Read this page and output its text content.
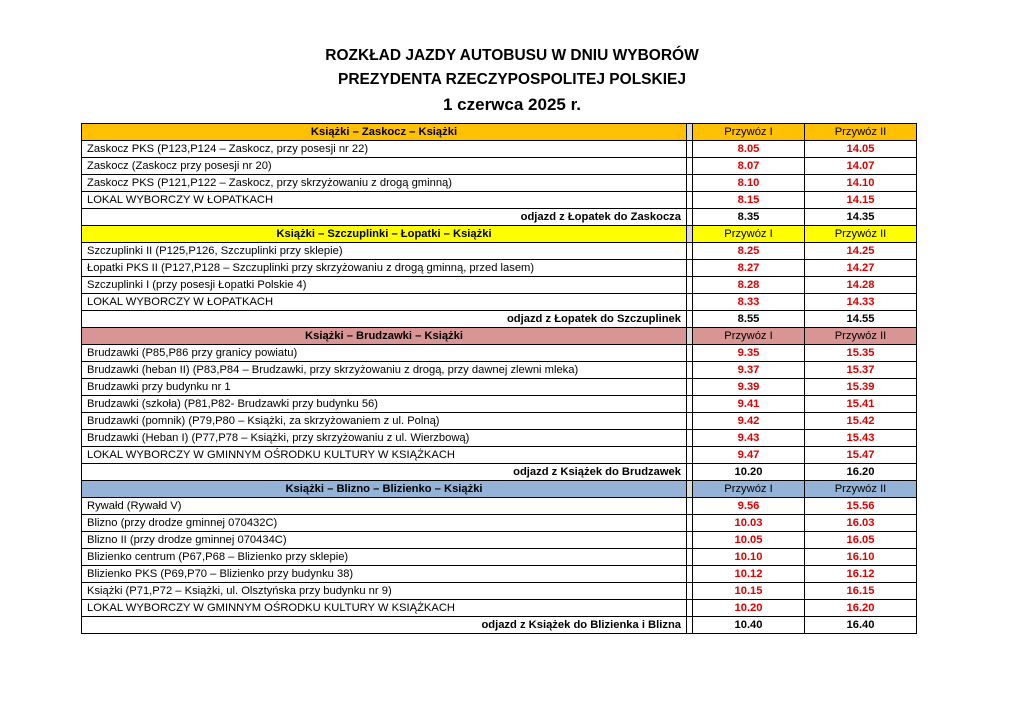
ROZKŁAD JAZDY AUTOBUSU W DNIU WYBORÓW
PREZYDENTA RZECZYPOSPOLITEJ POLSKIEJ
1 czerwca 2025 r.
Książki – Zaskocz – Książki		Przywóz I	Przywóz II
Zaskocz PKS (P123,P124 – Zaskocz, przy posesji nr 22)		8.05	14.05
Zaskocz (Zaskocz przy posesji nr 20)		8.07	14.07
Zaskocz PKS (P121,P122 – Zaskocz, przy skrzyżowaniu z drogą gminną)		8.10	14.10
LOKAL WYBORCZY W ŁOPATKACH		8.15	14.15
odjazd z Łopatek do Zaskocza		8.35	14.35
Książki – Szczuplinki – Łopatki – Książki		Przywóz I	Przywóz II
Szczuplinki II (P125,P126, Szczuplinki przy sklepie)		8.25	14.25
Łopatki PKS II (P127,P128 – Szczuplinki przy skrzyżowaniu z drogą gminną, przed lasem)		8.27	14.27
Szczuplinki I (przy posesji Łopatki Polskie 4)		8.28	14.28
LOKAL WYBORCZY W ŁOPATKACH		8.33	14.33
odjazd z Łopatek do Szczuplinek		8.55	14.55
Książki – Brudzawki – Książki		Przywóz I	Przywóz II
Brudzawki (P85,P86 przy granicy powiatu)		9.35	15.35
Brudzawki (heban II) (P83,P84 – Brudzawki, przy skrzyżowaniu z drogą, przy dawnej zlewni mleka)		9.37	15.37
Brudzawki przy budynku nr 1		9.39	15.39
Brudzawki (szkoła) (P81,P82- Brudzawki przy budynku 56)		9.41	15.41
Brudzawki (pomnik) (P79,P80 – Książki, za skrzyżowaniem z ul. Polną)		9.42	15.42
Brudzawki (Heban I) (P77,P78 – Książki, przy skrzyżowaniu z ul. Wierzbową)		9.43	15.43
LOKAL WYBORCZY W GMINNYM OŚRODKU KULTURY W KSIĄŻKACH		9.47	15.47
odjazd z Książek do Brudzawek		10.20	16.20
Książki – Blizno – Blizienko – Książki		Przywóz I	Przywóz II
Rywałd (Rywałd V)		9.56	15.56
Blizno (przy drodze gminnej 070432C)		10.03	16.03
Blizno II (przy drodze gminnej 070434C)		10.05	16.05
Blizienko centrum (P67,P68 – Blizienko przy sklepie)		10.10	16.10
Blizienko PKS (P69,P70 – Blizienko przy budynku 38)		10.12	16.12
Książki (P71,P72 – Książki, ul. Olsztyńska przy budynku nr 9)		10.15	16.15
LOKAL WYBORCZY W GMINNYM OŚRODKU KULTURY W KSIĄŻKACH		10.20	16.20
odjazd z Książek do Blizienka i Blizna		10.40	16.40
